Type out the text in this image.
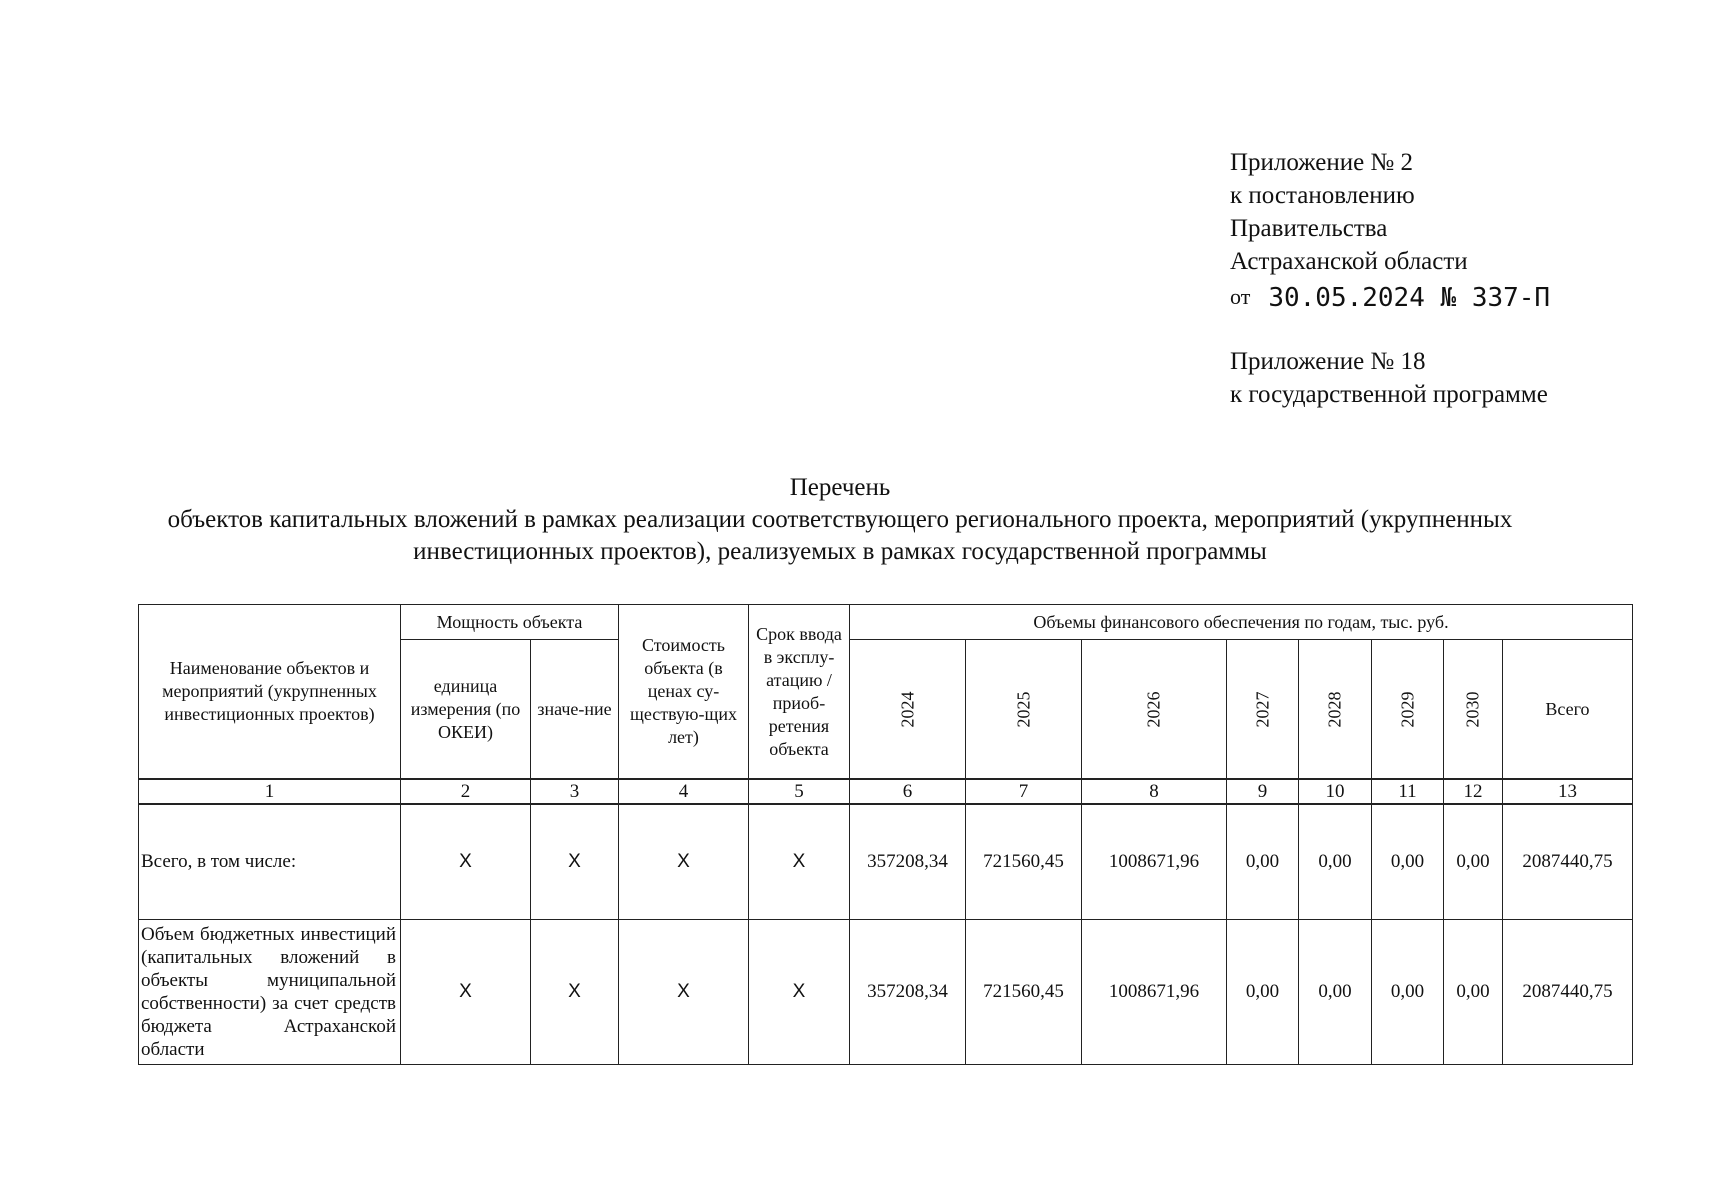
Приложение № 2
к постановлению
Правительства
Астраханской области
от 30.05.2024 № 337-П
Приложение № 18
к государственной программе
Перечень
объектов капитальных вложений в рамках реализации соответствующего регионального проекта, мероприятий (укрупненных
инвестиционных проектов), реализуемых в рамках государственной программы
Наименование объектов и мероприятий (укрупненных инвестиционных проектов)	Мощность объекта		Стоимость объекта (в ценах су-ществую-щих лет)	Срок ввода в эксплу-атацию / приоб-ретения объекта	Объемы финансового обеспечения по годам, тыс. руб.							
	единица измерения (по ОКЕИ)	значе-ние			2024	2025	2026	2027	2028	2029	2030	Всего
1	2	3	4	5	6	7	8	9	10	11	12	13
Всего, в том числе:	Х	Х	Х	Х	357208,34	721560,45	1008671,96	0,00	0,00	0,00	0,00	2087440,75
Объем бюджетных инвестиций (капитальных вложений в объекты муниципальной собственности) за счет средств бюджета Астраханской области	Х	Х	Х	Х	357208,34	721560,45	1008671,96	0,00	0,00	0,00	0,00	2087440,75
